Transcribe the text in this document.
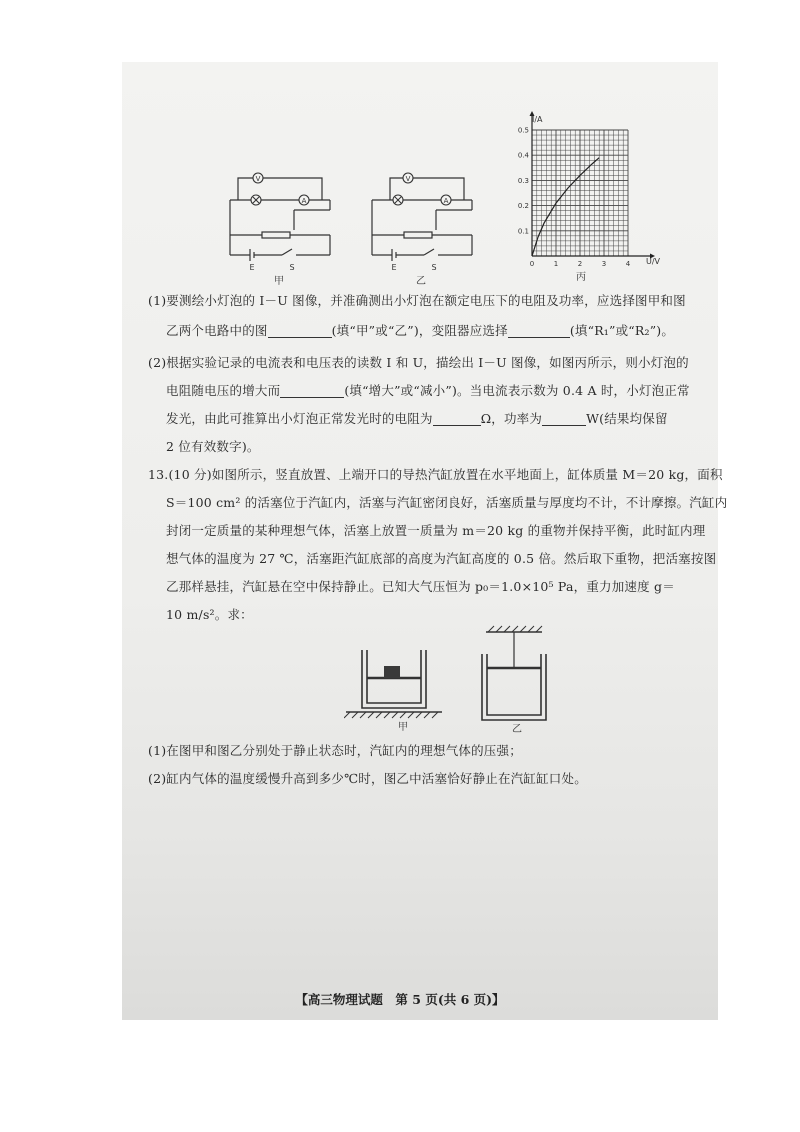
V
A
E	S
甲
V
A
E	S
乙
0	1	2	3	4
0.1
0.2
0.3
0.4
0.5
I/A
U/V
丙
(1)要测绘小灯泡的 I－U 图像，并准确测出小灯泡在额定电压下的电阻及功率，应选择图甲和图
乙两个电路中的图	(填“甲”或“乙”)，变阻器应选择	(填“R₁”或“R₂”)。
(2)根据实验记录的电流表和电压表的读数 I 和 U，描绘出 I－U 图像，如图丙所示，则小灯泡的
电阻随电压的增大而	(填“增大”或“减小”)。当电流表示数为 0.4 A 时，小灯泡正常
发光，由此可推算出小灯泡正常发光时的电阻为	Ω，功率为	W(结果均保留
2 位有效数字)。
13.(10 分)如图所示，竖直放置、上端开口的导热汽缸放置在水平地面上，缸体质量 M＝20 kg，面积
S＝100 cm² 的活塞位于汽缸内，活塞与汽缸密闭良好，活塞质量与厚度均不计，不计摩擦。汽缸内
封闭一定质量的某种理想气体，活塞上放置一质量为 m＝20 kg 的重物并保持平衡，此时缸内理
想气体的温度为 27 ℃，活塞距汽缸底部的高度为汽缸高度的 0.5 倍。然后取下重物，把活塞按图
乙那样悬挂，汽缸悬在空中保持静止。已知大气压恒为 p₀＝1.0×10⁵ Pa，重力加速度 g＝
10 m/s²。求：
甲	乙
(1)在图甲和图乙分别处于静止状态时，汽缸内的理想气体的压强；
(2)缸内气体的温度缓慢升高到多少℃时，图乙中活塞恰好静止在汽缸缸口处。
【高三物理试题　第 5 页(共 6 页)】
